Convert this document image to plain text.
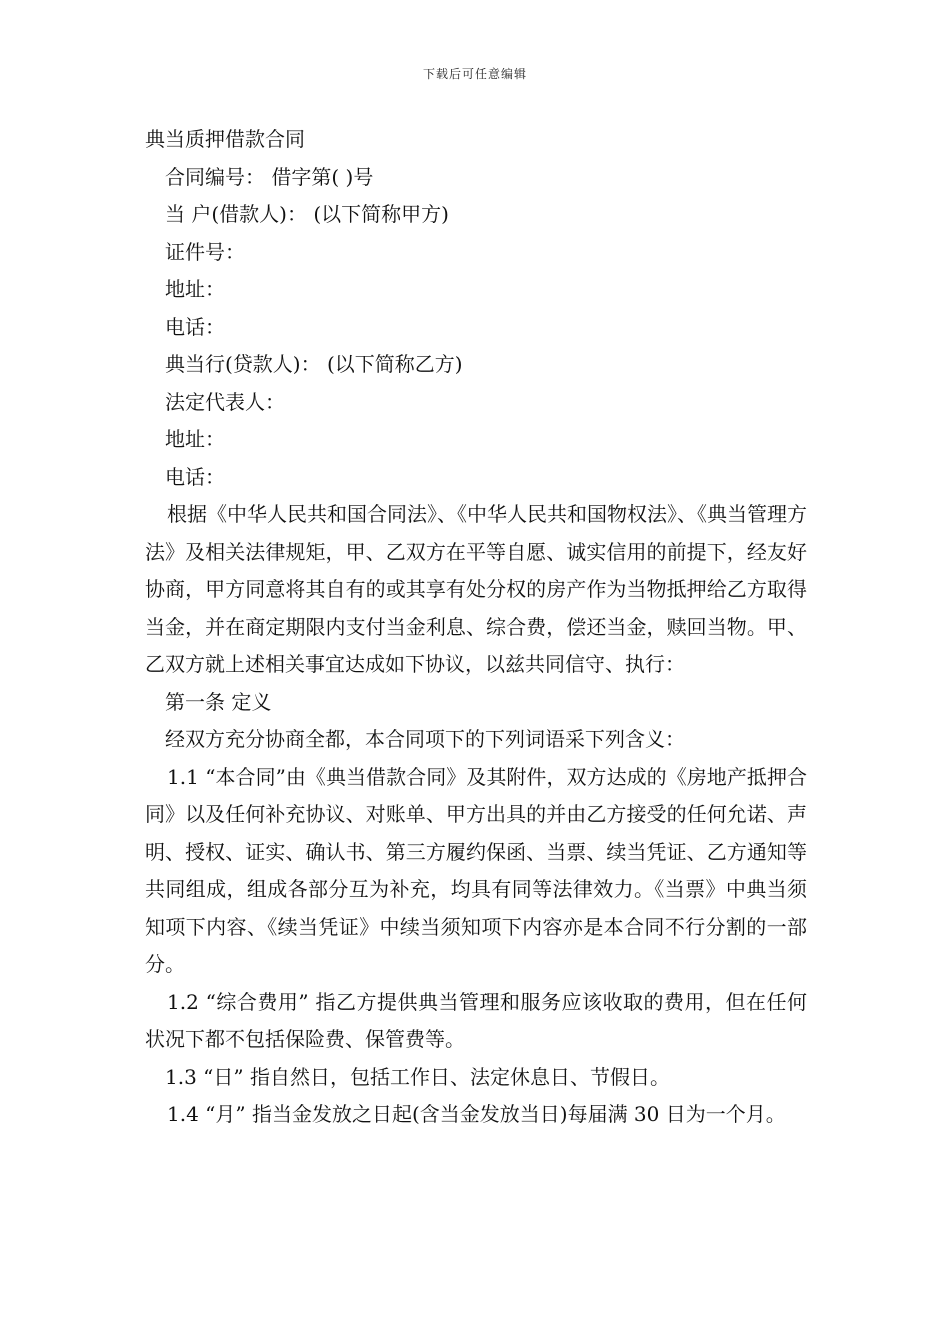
下载后可任意编辑
典当质押借款合同
合同编号： 借字第( )号
当 户(借款人)： (以下简称甲方)
证件号：
地址：
电话：
典当行(贷款人)： (以下简称乙方)
法定代表人：
地址：
电话：
根据《中华人民共和国合同法》、《中华人民共和国物权法》、《典当管理方法》及相关法律规矩，甲、乙双方在平等自愿、诚实信用的前提下，经友好协商，甲方同意将其自有的或其享有处分权的房产作为当物抵押给乙方取得当金，并在商定期限内支付当金利息、综合费，偿还当金，赎回当物。甲、乙双方就上述相关事宜达成如下协议，以兹共同信守、执行：
第一条 定义
经双方充分协商全都，本合同项下的下列词语采下列含义：
1.1 “本合同”由《典当借款合同》及其附件，双方达成的《房地产抵押合同》以及任何补充协议、对账单、甲方出具的并由乙方接受的任何允诺、声明、授权、证实、确认书、第三方履约保函、当票、续当凭证、乙方通知等共同组成，组成各部分互为补充，均具有同等法律效力。《当票》中典当须知项下内容、《续当凭证》中续当须知项下内容亦是本合同不行分割的一部分。
1.2 “综合费用” 指乙方提供典当管理和服务应该收取的费用，但在任何状况下都不包括保险费、保管费等。
1.3 “日” 指自然日，包括工作日、法定休息日、节假日。
1.4 “月” 指当金发放之日起(含当金发放当日)每届满 30 日为一个月。
